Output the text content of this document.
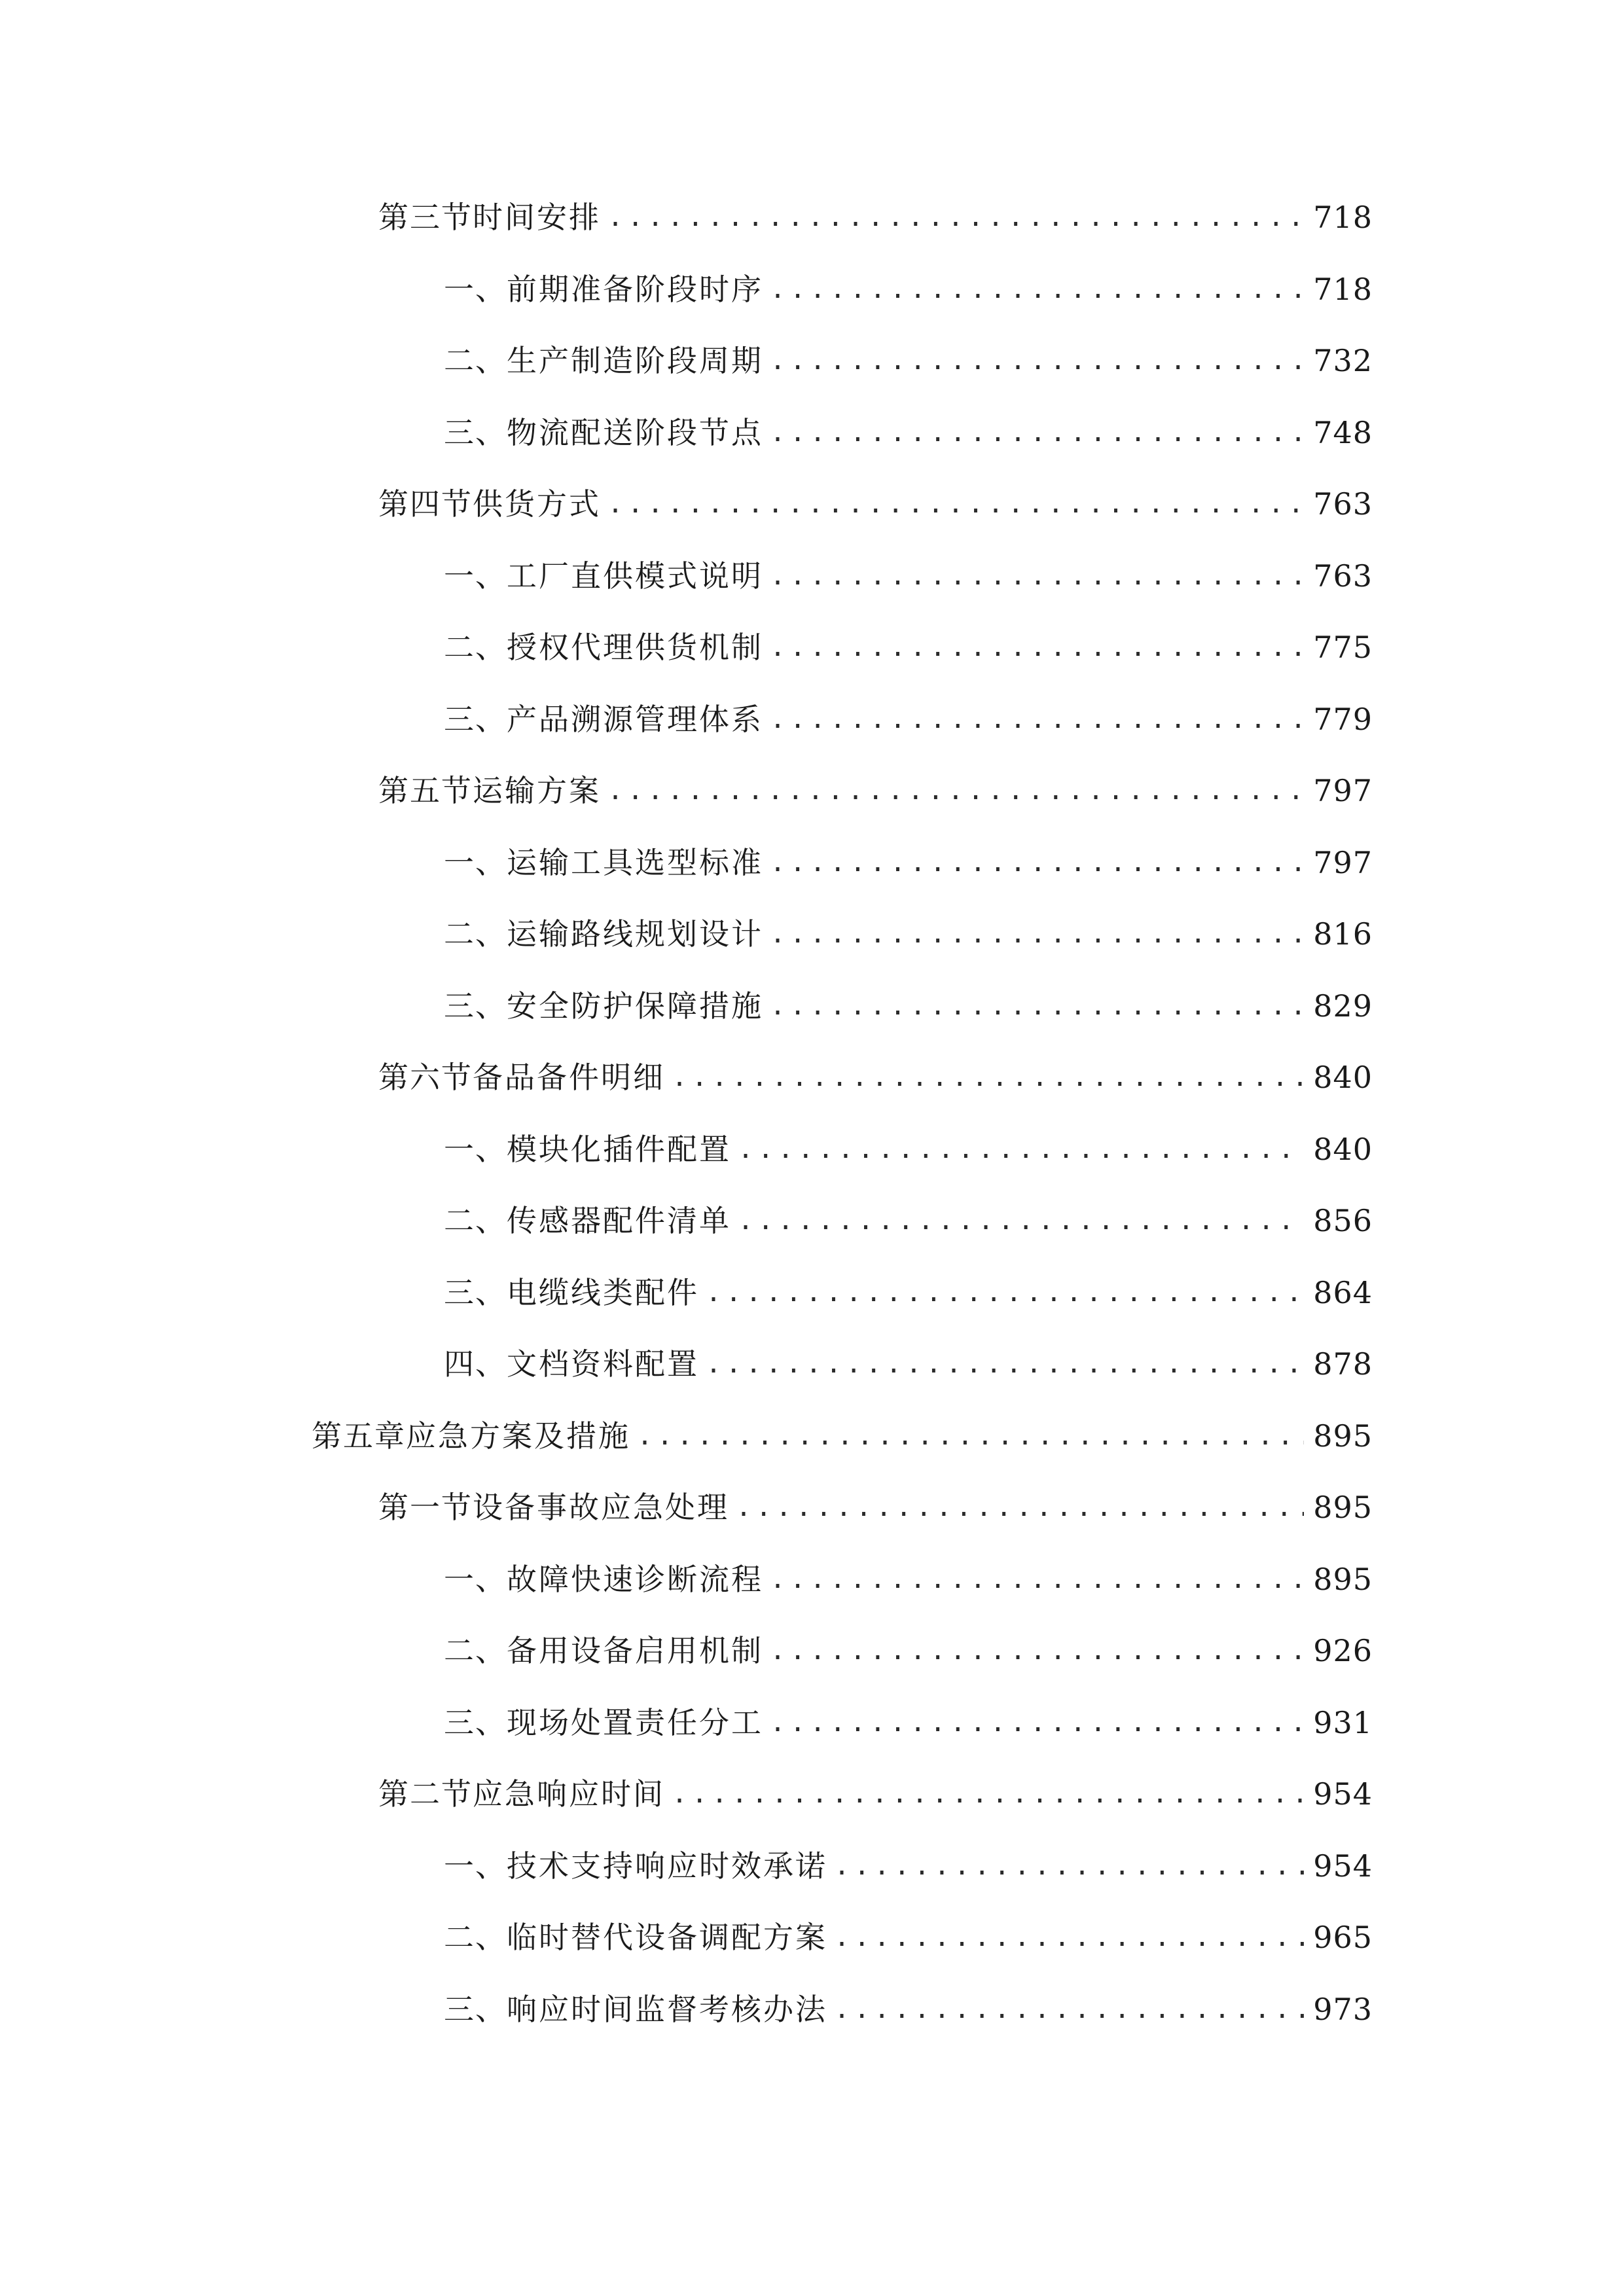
第三节 时间安排 .....	718
一、 前期准备阶段时序 .....	718
二、 生产制造阶段周期 .....	732
三、 物流配送阶段节点 .....	748
第四节 供货方式 .....	763
一、 工厂直供模式说明 .....	763
二、 授权代理供货机制 .....	775
三、 产品溯源管理体系 .....	779
第五节 运输方案 .....	797
一、 运输工具选型标准 .....	797
二、 运输路线规划设计 .....	816
三、 安全防护保障措施 .....	829
第六节 备品备件明细 .....	840
一、 模块化插件配置 .....	840
二、 传感器配件清单 .....	856
三、 电缆线类配件 .....	864
四、 文档资料配置 .....	878
第五章 应急方案及措施 .....	895
第一节 设备事故应急处理 .....	895
一、 故障快速诊断流程 .....	895
二、 备用设备启用机制 .....	926
三、 现场处置责任分工 .....	931
第二节 应急响应时间 .....	954
一、 技术支持响应时效承诺 .....	954
二、 临时替代设备调配方案 .....	965
三、 响应时间监督考核办法 .....	973
